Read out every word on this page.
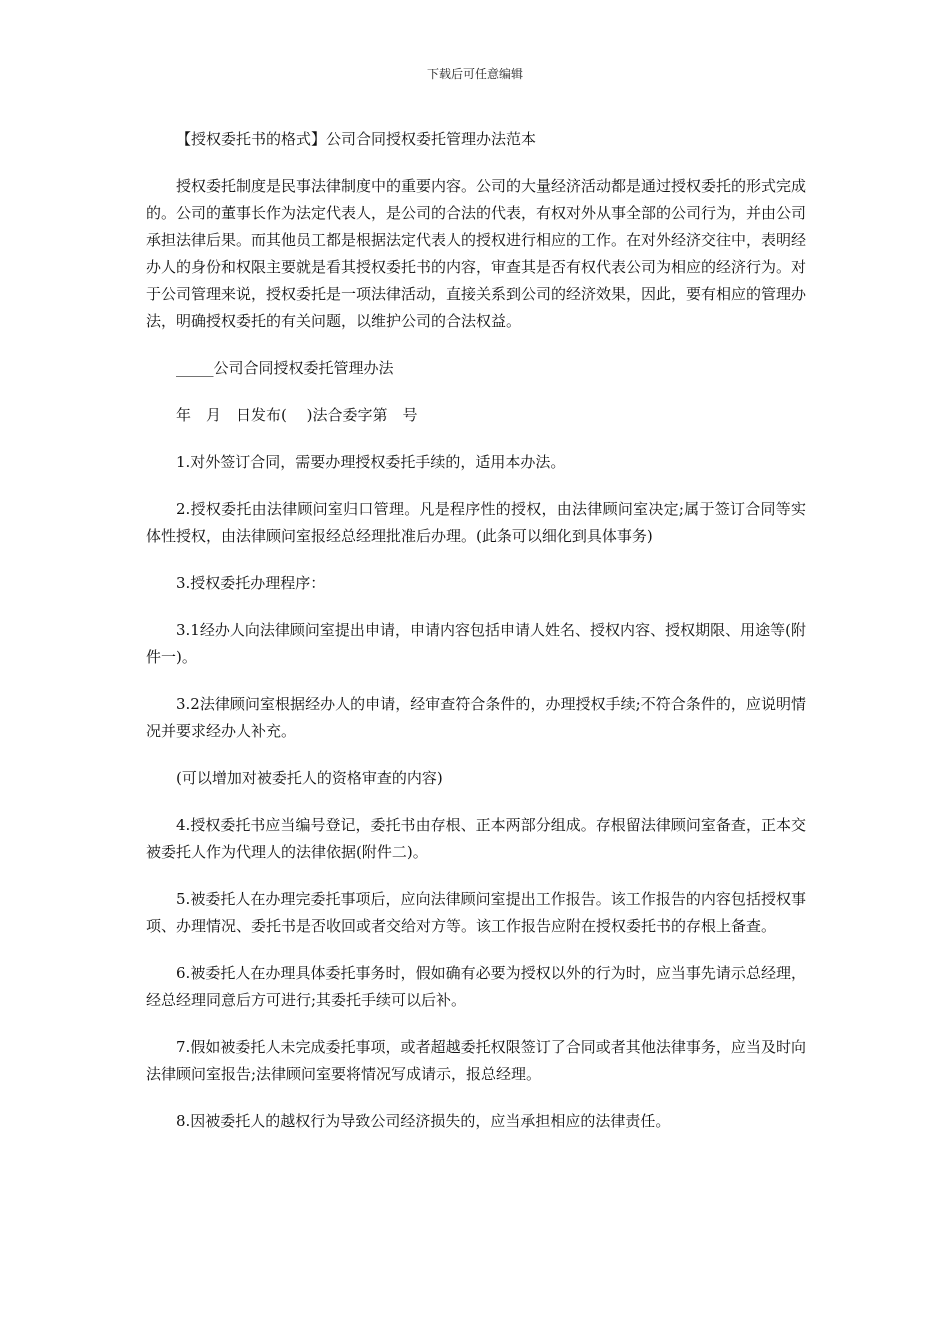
下载后可任意编辑

【授权委托书的格式】公司合同授权委托管理办法范本

授权委托制度是民事法律制度中的重要内容。公司的大量经济活动都是通过授权委托的形式完成的。公司的董事长作为法定代表人，是公司的合法的代表，有权对外从事全部的公司行为，并由公司承担法律后果。而其他员工都是根据法定代表人的授权进行相应的工作。在对外经济交往中，表明经办人的身份和权限主要就是看其授权委托书的内容，审查其是否有权代表公司为相应的经济行为。对于公司管理来说，授权委托是一项法律活动，直接关系到公司的经济效果，因此，要有相应的管理办法，明确授权委托的有关问题，以维护公司的合法权益。

_____公司合同授权委托管理办法

年　月　日发布(　 )法合委字第　号

1.对外签订合同，需要办理授权委托手续的，适用本办法。

2.授权委托由法律顾问室归口管理。凡是程序性的授权，由法律顾问室决定;属于签订合同等实体性授权，由法律顾问室报经总经理批准后办理。(此条可以细化到具体事务)

3.授权委托办理程序：

3.1经办人向法律顾问室提出申请，申请内容包括申请人姓名、授权内容、授权期限、用途等(附件一)。

3.2法律顾问室根据经办人的申请，经审查符合条件的，办理授权手续;不符合条件的，应说明情况并要求经办人补充。

(可以增加对被委托人的资格审查的内容)

4.授权委托书应当编号登记，委托书由存根、正本两部分组成。存根留法律顾问室备查，正本交被委托人作为代理人的法律依据(附件二)。

5.被委托人在办理完委托事项后，应向法律顾问室提出工作报告。该工作报告的内容包括授权事项、办理情况、委托书是否收回或者交给对方等。该工作报告应附在授权委托书的存根上备查。

6.被委托人在办理具体委托事务时，假如确有必要为授权以外的行为时，应当事先请示总经理，经总经理同意后方可进行;其委托手续可以后补。

7.假如被委托人未完成委托事项，或者超越委托权限签订了合同或者其他法律事务，应当及时向法律顾问室报告;法律顾问室要将情况写成请示，报总经理。

8.因被委托人的越权行为导致公司经济损失的，应当承担相应的法律责任。
